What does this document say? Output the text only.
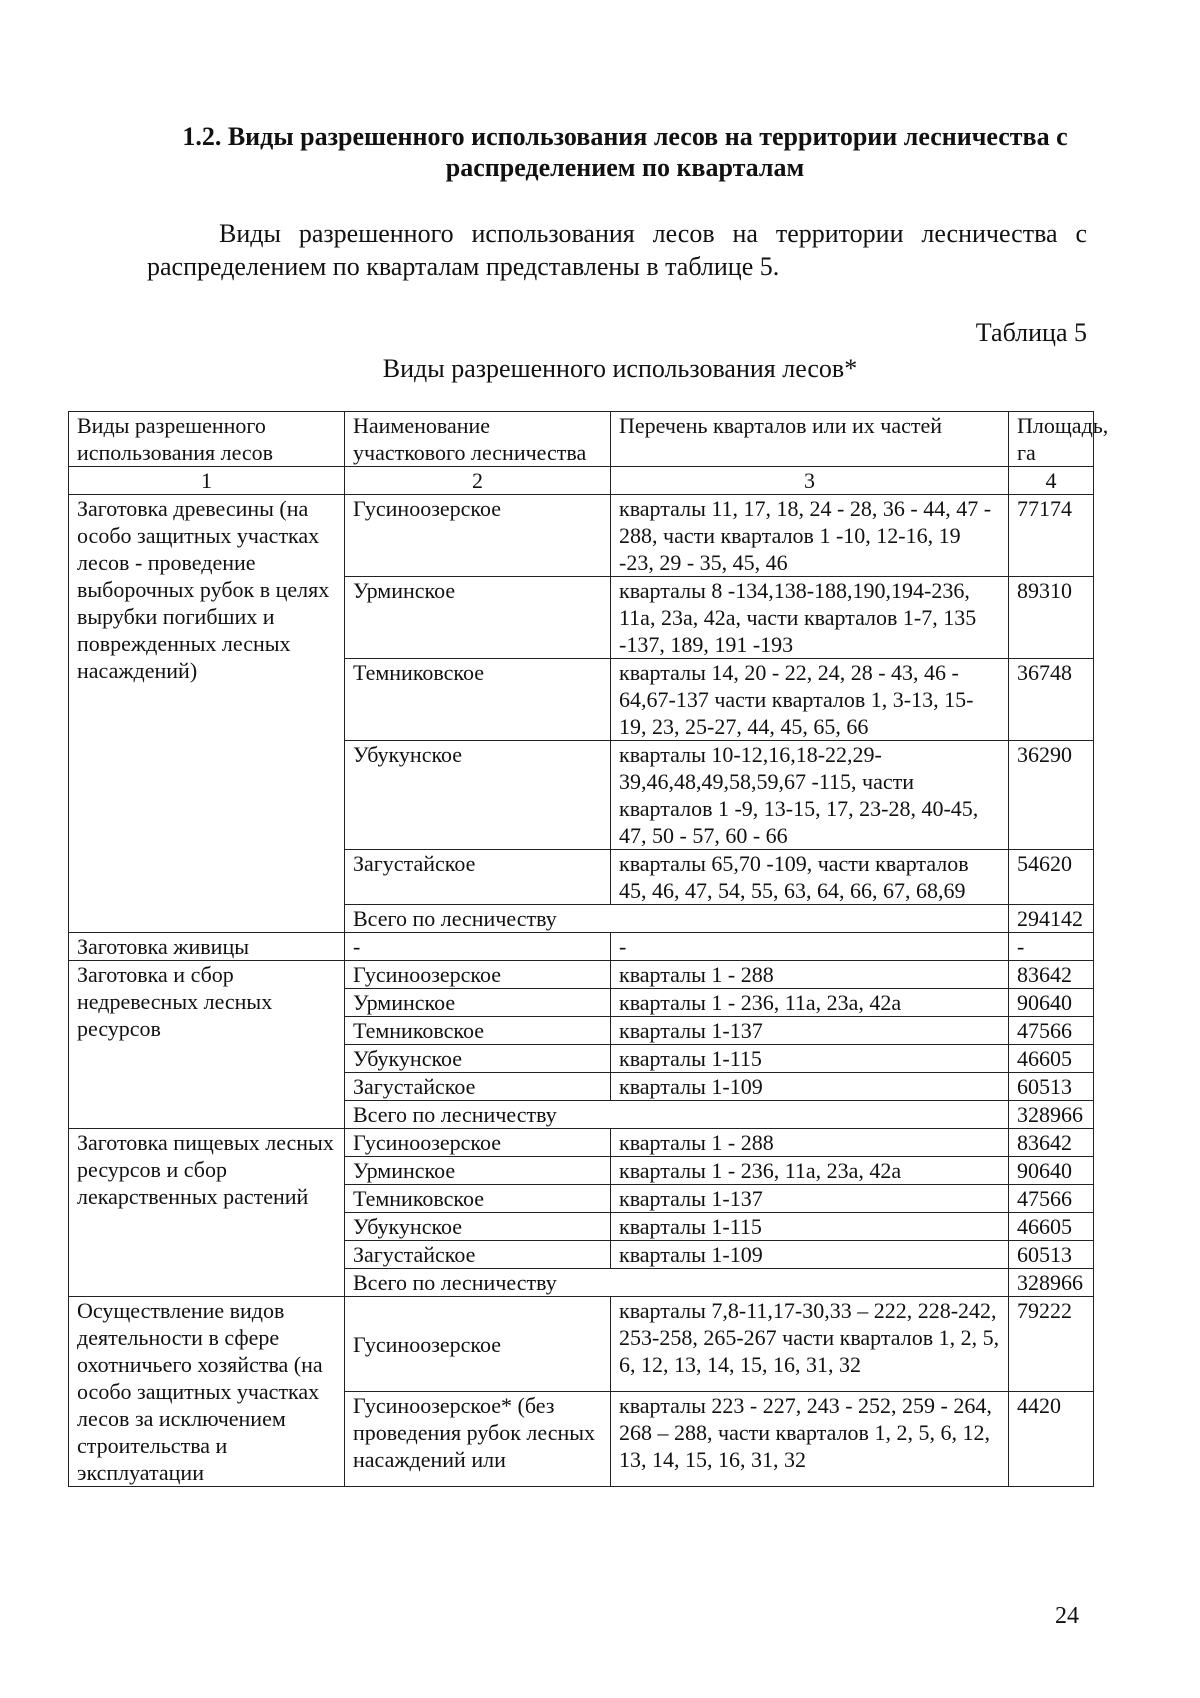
1.2. Виды разрешенного использования лесов на территории лесничества с распределением по кварталам
Виды разрешенного использования лесов на территории лесничества с распределением по кварталам представлены в таблице 5.
Таблица 5
Виды разрешенного использования лесов*
Виды разрешенного использования лесов	Наименование участкового лесничества	Перечень кварталов или их частей	Площадь, га
1	2	3	4
Заготовка древесины (на особо защитных участках лесов - проведение выборочных рубок в целях вырубки погибших и поврежденных лесных насаждений)	Гусиноозерское	кварталы 11, 17, 18, 24 - 28, 36 - 44, 47 - 288, части кварталов 1 -10, 12-16, 19 -23, 29 - 35, 45, 46	77174
	Урминское	кварталы 8 -134,138-188,190,194-236, 11а, 23а, 42а, части кварталов 1-7, 135 -137, 189, 191 -193	89310
	Темниковское	кварталы 14, 20 - 22, 24, 28 - 43, 46 - 64,67-137 части кварталов 1, 3-13, 15-19, 23, 25-27, 44, 45, 65, 66	36748
	Убукунское	кварталы 10-12,16,18-22,29-39,46,48,49,58,59,67 -115, части кварталов 1 -9, 13-15, 17, 23-28, 40-45, 47, 50 - 57, 60 - 66	36290
	Загустайское	кварталы 65,70 -109, части кварталов 45, 46, 47, 54, 55, 63, 64, 66, 67, 68,69	54620
	Всего по лесничеству		294142
Заготовка живицы	-	-	-
Заготовка и сбор недревесных лесных ресурсов	Гусиноозерское	кварталы 1 - 288	83642
	Урминское	кварталы 1 - 236, 11а, 23а, 42а	90640
	Темниковское	кварталы 1-137	47566
	Убукунское	кварталы 1-115	46605
	Загустайское	кварталы 1-109	60513
	Всего по лесничеству		328966
Заготовка пищевых лесных ресурсов и сбор лекарственных растений	Гусиноозерское	кварталы 1 - 288	83642
	Урминское	кварталы 1 - 236, 11а, 23а, 42а	90640
	Темниковское	кварталы 1-137	47566
	Убукунское	кварталы 1-115	46605
	Загустайское	кварталы 1-109	60513
	Всего по лесничеству		328966
Осуществление видов деятельности в сфере охотничьего хозяйства (на особо защитных участках лесов за исключением строительства и эксплуатации	Гусиноозерское	кварталы 7,8-11,17-30,33 – 222, 228-242, 253-258, 265-267 части кварталов 1, 2, 5, 6, 12, 13, 14, 15, 16, 31, 32	79222
	Гусиноозерское* (без проведения рубок лесных насаждений или	кварталы 223 - 227, 243 - 252, 259 - 264, 268 – 288, части кварталов 1, 2, 5, 6, 12, 13, 14, 15, 16, 31, 32	4420
24
